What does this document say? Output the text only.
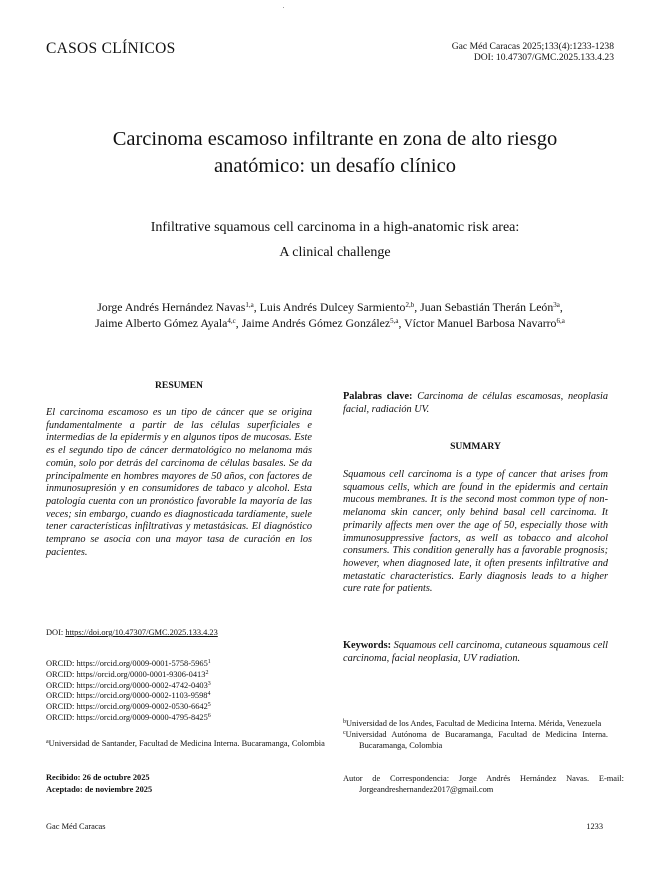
CASOS CLÍNICOS	Gac Méd Caracas 2025;133(4):1233-1238
DOI: 10.47307/GMC.2025.133.4.23
Carcinoma escamoso infiltrante en zona de alto riesgo
anatómico: un desafío clínico
Infiltrative squamous cell carcinoma in a high-anatomic risk area:
A clinical challenge
Jorge Andrés Hernández Navas$^{1,a}$, Luis Andrés Dulcey Sarmiento$^{2,b}$, Juan Sebastián Therán León$^{3a}$,
Jaime Alberto Gómez Ayala$^{4,c}$, Jaime Andrés Gómez González$^{5,a}$, Víctor Manuel Barbosa Navarro$^{6,a}$
RESUMEN
El carcinoma escamoso es un tipo de cáncer que se origina fundamentalmente a partir de las células superficiales e intermedias de la epidermis y en algunos tipos de mucosas. Este es el segundo tipo de cáncer dermatológico no melanoma más común, solo por detrás del carcinoma de células basales. Se da principalmente en hombres mayores de 50 años, con factores de inmunosupresión y en consumidores de tabaco y alcohol. Esta patología cuenta con un pronóstico favorable la mayoría de las veces; sin embargo, cuando es diagnosticada tardíamente, suele tener características infiltrativas y metastásicas. El diagnóstico temprano se asocia con una mayor tasa de curación en los pacientes.
DOI: https://doi.org/10.47307/GMC.2025.133.4.23
ORCID: https://orcid.org/0009-0001-5758-5965$^1$
ORCID: https//orcid.org/0000-0001-9306-0413$^2$
ORCID: https://orcid.org/0000-0002-4742-0403$^3$
ORCID: https://orcid.org/0000-0002-1103-9598$^4$
ORCID: https://orcid.org/0009-0002-0530-6642$^5$
ORCID: https://orcid.org/0009-0000-4795-8425$^6$
$^a$Universidad de Santander, Facultad de Medicina Interna. Bucaramanga, Colombia
Recibido: 26 de octubre 2025
Aceptado: de noviembre 2025
Palabras clave: Carcinoma de células escamosas, neoplasia facial, radiación UV.
SUMMARY
Squamous cell carcinoma is a type of cancer that arises from squamous cells, which are found in the epidermis and certain mucous membranes. It is the second most common type of non-melanoma skin cancer, only behind basal cell carcinoma. It primarily affects men over the age of 50, especially those with immunosuppressive factors, as well as tobacco and alcohol consumers. This condition generally has a favorable prognosis; however, when diagnosed late, it often presents infiltrative and metastatic characteristics. Early diagnosis leads to a higher cure rate for patients.
Keywords: Squamous cell carcinoma, cutaneous squamous cell carcinoma, facial neoplasia, UV radiation.
$^b$Universidad de los Andes, Facultad de Medicina Interna. Mérida, Venezuela
$^c$Universidad Autónoma de Bucaramanga, Facultad de Medicina Interna. Bucaramanga, Colombia
Autor de Correspondencia: Jorge Andrés Hernández Navas. E-mail: Jorgeandreshernandez2017@gmail.com
Gac Méd Caracas	1233
